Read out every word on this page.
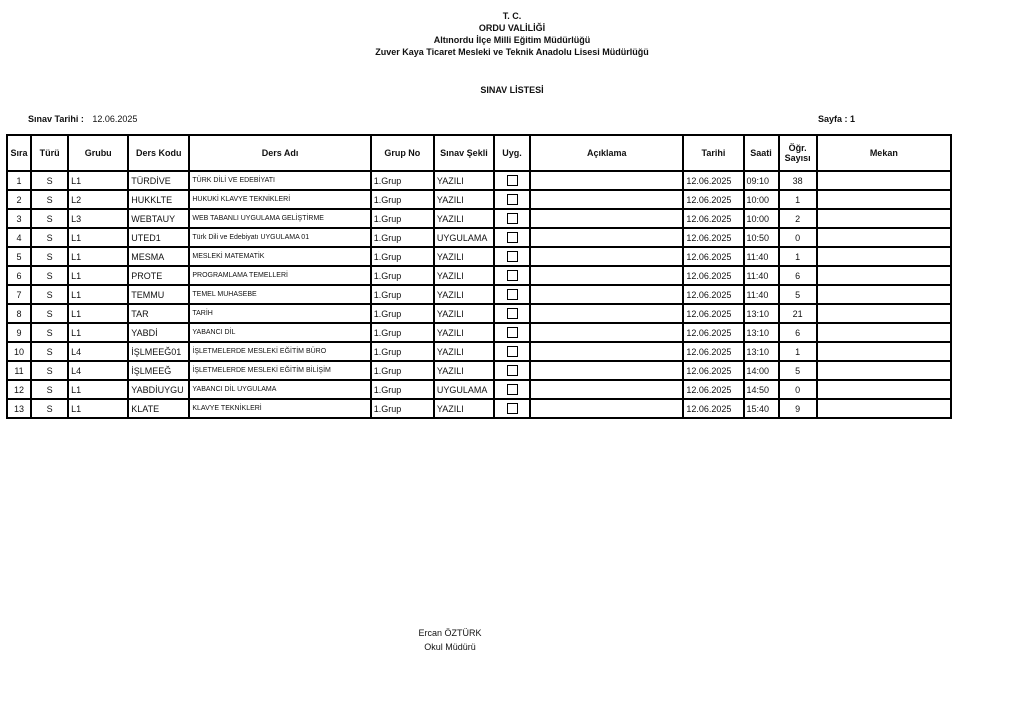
T. C.
ORDU VALİLİĞİ
Altınordu İlçe Milli Eğitim Müdürlüğü
Zuver Kaya Ticaret Mesleki ve Teknik Anadolu Lisesi Müdürlüğü
SINAV LİSTESİ
Sınav Tarihi : 12.06.2025	Sayfa : 1
Sıra	Türü	Grubu	Ders Kodu	Ders Adı	Grup No	Sınav Şekli	Uyg.	Açıklama	Tarihi	Saati	Öğr. Sayısı	Mekan
1	S	L1	TÜRDİVE	TÜRK DİLİ VE EDEBİYATI	1.Grup	YAZILI			12.06.2025	09:10	38	
2	S	L2	HUKKLTE	HUKUKİ KLAVYE TEKNİKLERİ	1.Grup	YAZILI			12.06.2025	10:00	1	
3	S	L3	WEBTAUY	WEB TABANLI UYGULAMA GELİŞTİRME	1.Grup	YAZILI			12.06.2025	10:00	2	
4	S	L1	UTED1	Türk Dili ve Edebiyatı UYGULAMA 01	1.Grup	UYGULAMA			12.06.2025	10:50	0	
5	S	L1	MESMA	MESLEKİ MATEMATİK	1.Grup	YAZILI			12.06.2025	11:40	1	
6	S	L1	PROTE	PROGRAMLAMA TEMELLERİ	1.Grup	YAZILI			12.06.2025	11:40	6	
7	S	L1	TEMMU	TEMEL MUHASEBE	1.Grup	YAZILI			12.06.2025	11:40	5	
8	S	L1	TAR	TARİH	1.Grup	YAZILI			12.06.2025	13:10	21	
9	S	L1	YABDİ	YABANCI DİL	1.Grup	YAZILI			12.06.2025	13:10	6	
10	S	L4	İŞLMEEĞ01	İŞLETMELERDE MESLEKİ EĞİTİM BÜRO	1.Grup	YAZILI			12.06.2025	13:10	1	
11	S	L4	İŞLMEEĞ	İŞLETMELERDE MESLEKİ EĞİTİM BİLİŞİM	1.Grup	YAZILI			12.06.2025	14:00	5	
12	S	L1	YABDİUYGU	YABANCI DİL UYGULAMA	1.Grup	UYGULAMA			12.06.2025	14:50	0	
13	S	L1	KLATE	KLAVYE TEKNİKLERİ	1.Grup	YAZILI			12.06.2025	15:40	9	
Ercan ÖZTÜRK
Okul Müdürü
